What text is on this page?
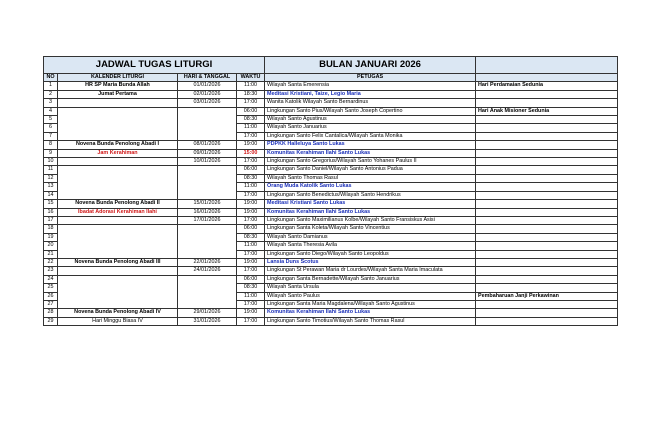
JADWAL TUGAS LITURGI				BULAN JANUARI 2026	
NO	KALENDER LITURGI	HARI & TANGGAL	WAKTU	PETUGAS	
1	HR SP Maria Bunda Allah	01/01/2026	11:00	Wilayah Santa Emerensia	Hari Perdamaian Sedunia
2	Jumat Pertama	02/01/2026	18:30	Meditasi Kristiani, Taize, Legio Maria	
3		03/01/2026	17:00	Wanita Katolik Wilayah Santo Bernardinus	
4			06:00	Lingkungan Santo Pius/Wilayah Santo Joseph Copertino	Hari Anak Misioner Sedunia
5			08:30	Wilayah Santo Agustinus	
6			11:00	Wilayah Santo Januarius	
7			17:00	Lingkungan Santo Felix Cantalica/Wilayah Santa Monika	
8	Novena Bunda Penolong Abadi I	08/01/2026	19:00	PDPKK Halleluya Santo Lukas	
9	Jam Kerahiman	09/01/2026	15:00	Komunitas Kerahiman Ilahi Santo Lukas	
10		10/01/2026	17:00	Lingkungan Santo Gregorius/Wilayah Santo Yohanes Paulus II	
11			06:00	Lingkungan Santo Daniel/Wilayah Santo Antonius Padua	
12			08:30	Wilayah Santo Thomas Rasul	
13			11:00	Orang Muda Katolik Santo Lukas	
14			17:00	Lingkungan Santo Benedictus/Wilayah Santo Hendrikus	
15	Novena Bunda Penolong Abadi II	15/01/2026	19:00	Meditasi Kristiani Santo Lukas	
16	Ibadat Adorasi Kerahiman Ilahi	16/01/2026	19:00	Komunitas Kerahiman Ilahi Santo Lukas	
17		17/01/2026	17:00	Lingkungan Santo Maximilianus Kolbe/Wilayah Santo Fransiskus Asisi	
18			06:00	Lingkungan Santa Koleta/Wilayah Santo Vincentius	
19			08:30	Wilayah Santo Damianus	
20			11:00	Wilayah Santa Theresia Avila	
21			17:00	Lingkungan Santo Diego/Wilayah Santo Leopoldus	
22	Novena Bunda Penolong Abadi III	22/01/2026	19:00	Lansia Duns Scotus	
23		24/01/2026	17:00	Lingkungan St Perawan Maria dr Lourdes/Wilayah Santa Maria Imaculata	
24			06:00	Lingkungan Santa Bernadette/Wilayah Santo Januarius	
25			08:30	Wilayah Santa Ursula	
26			11:00	Wilayah Santo Paulus	Pembaharuan Janji Perkawinan
27			17:00	Lingkungan Santa Maria Magdalena/Wilayah Santo Agustinus	
28	Novena Bunda Penolong Abadi IV	29/01/2026	19:00	Komunitas Kerahiman Ilahi Santo Lukas	
29	Hari Minggu Biasa IV	31/01/2026	17:00	Lingkungan Santo Timotius/Wilayah Santo Thomas Rasul	
